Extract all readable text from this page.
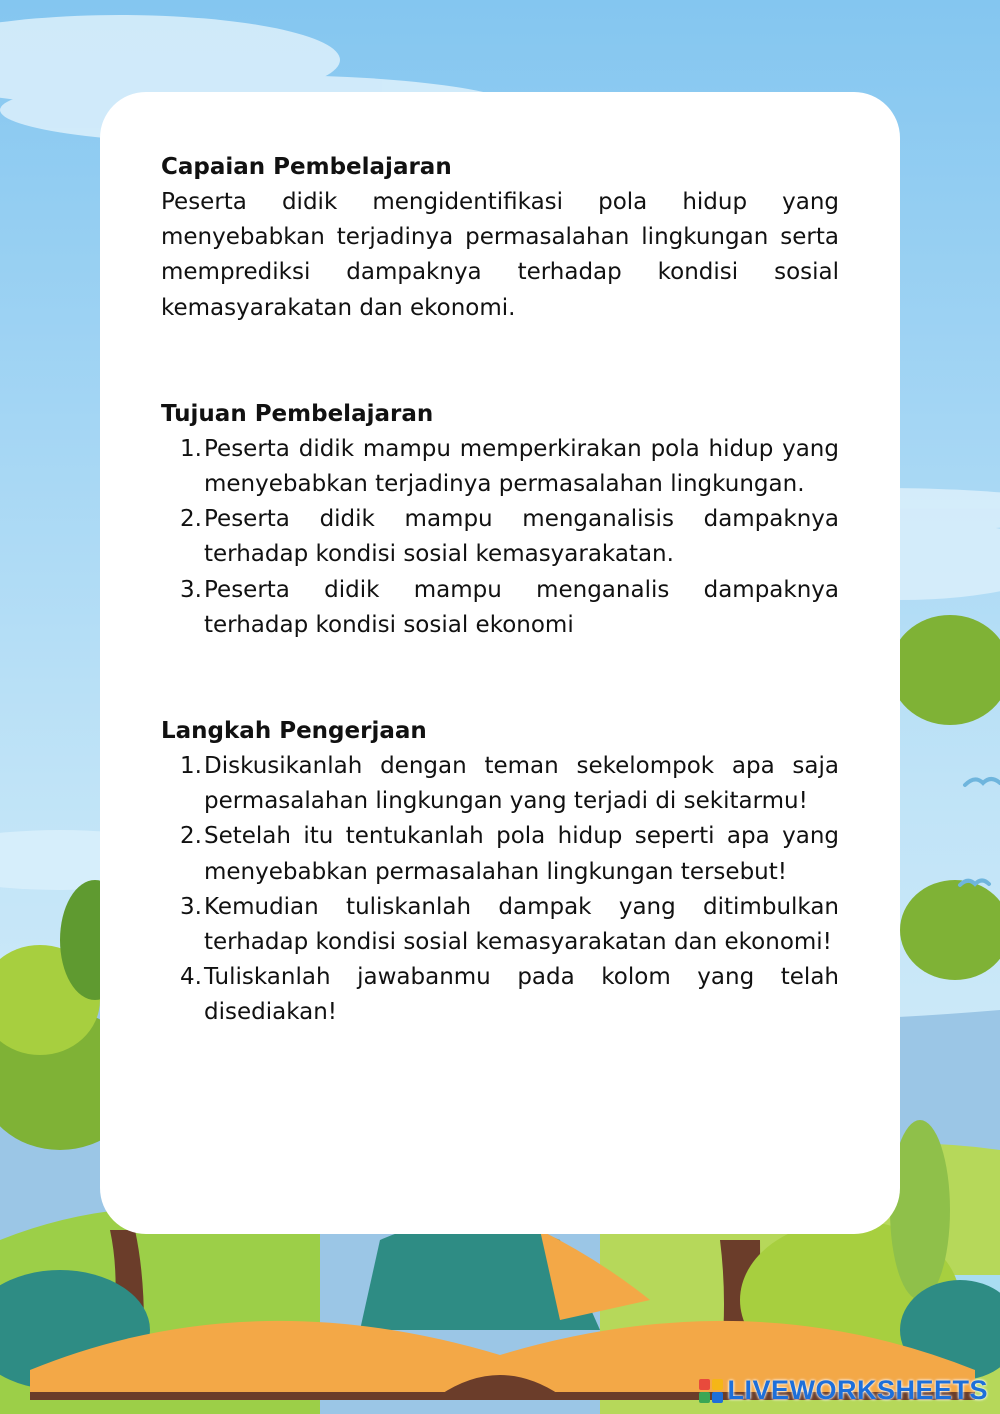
Capaian Pembelajaran

Peserta didik mengidentifikasi pola hidup yang menyebabkan terjadinya permasalahan lingkungan serta memprediksi dampaknya terhadap kondisi sosial kemasyarakatan dan ekonomi.

Tujuan Pembelajaran
1. Peserta didik mampu memperkirakan pola hidup yang menyebabkan terjadinya permasalahan lingkungan.
2. Peserta didik mampu menganalisis dampaknya terhadap kondisi sosial kemasyarakatan.
3. Peserta didik mampu menganalis dampaknya terhadap kondisi sosial ekonomi
Langkah Pengerjaan
1. Diskusikanlah dengan teman sekelompok apa saja permasalahan lingkungan yang terjadi di sekitarmu!
2. Setelah itu tentukanlah pola hidup seperti apa yang menyebabkan permasalahan lingkungan tersebut!
3. Kemudian tuliskanlah dampak yang ditimbulkan terhadap kondisi sosial kemasyarakatan dan ekonomi!
4. Tuliskanlah jawabanmu pada kolom yang telah disediakan!
LIVEWORKSHEETS
